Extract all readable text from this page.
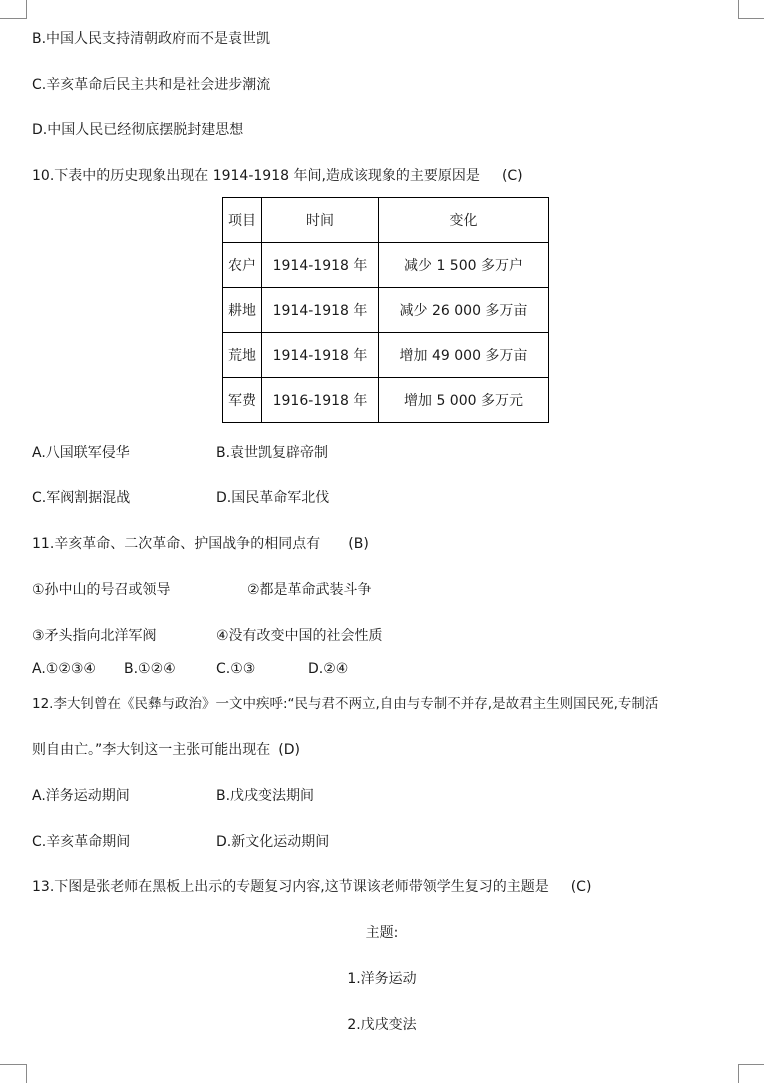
B.中国人民支持清朝政府而不是袁世凯
C.辛亥革命后民主共和是社会进步潮流
D.中国人民已经彻底摆脱封建思想
10.下表中的历史现象出现在 1914-1918 年间,造成该现象的主要原因是 (C)
项目	时间	变化
农户	1914-1918 年	减少 1 500 多万户
耕地	1914-1918 年	减少 26 000 多万亩
荒地	1914-1918 年	增加 49 000 多万亩
军费	1916-1918 年	增加 5 000 多万元
A.八国联军侵华	B.袁世凯复辟帝制
C.军阀割据混战	D.国民革命军北伐
11.辛亥革命、二次革命、护国战争的相同点有 (B)
①孙中山的号召或领导	②都是革命武装斗争
③矛头指向北洋军阀	④没有改变中国的社会性质
A.①②③④ B.①②④	C.①③	D.②④
12.李大钊曾在《民彝与政治》一文中疾呼:“民与君不两立,自由与专制不并存,是故君主生则国民死,专制活
则自由亡。”李大钊这一主张可能出现在 (D)
A.洋务运动期间	B.戊戌变法期间
C.辛亥革命期间	D.新文化运动期间
13.下图是张老师在黑板上出示的专题复习内容,这节课该老师带领学生复习的主题是 (C)
主题:
1.洋务运动
2.戊戌变法
